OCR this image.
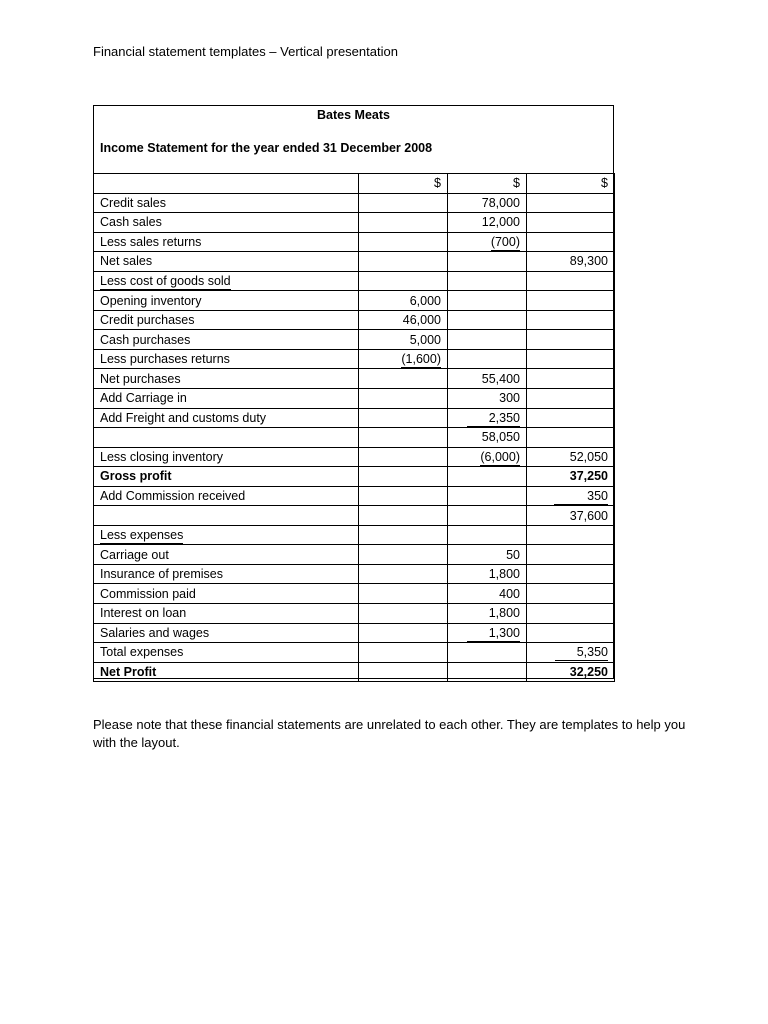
Financial statement templates – Vertical presentation
Bates Meats
Income Statement for the year ended 31 December 2008
	$	$	$
Credit sales		78,000	
Cash sales		12,000	
Less sales returns		(700)	
Net sales			89,300
Less cost of goods sold			
Opening inventory	6,000		
Credit purchases	46,000		
Cash purchases	5,000		
Less purchases returns	(1,600)		
Net purchases		55,400	
Add Carriage in		300	
Add Freight and customs duty		2,350	
		58,050	
Less closing inventory		(6,000)	52,050
Gross profit			37,250
Add Commission received			350
			37,600
Less expenses			
Carriage out		50	
Insurance of premises		1,800	
Commission paid		400	
Interest on loan		1,800	
Salaries and wages		1,300	
Total expenses			5,350
Net Profit			32,250
Please note that these financial statements are unrelated to each other. They are templates to help you with the layout.
